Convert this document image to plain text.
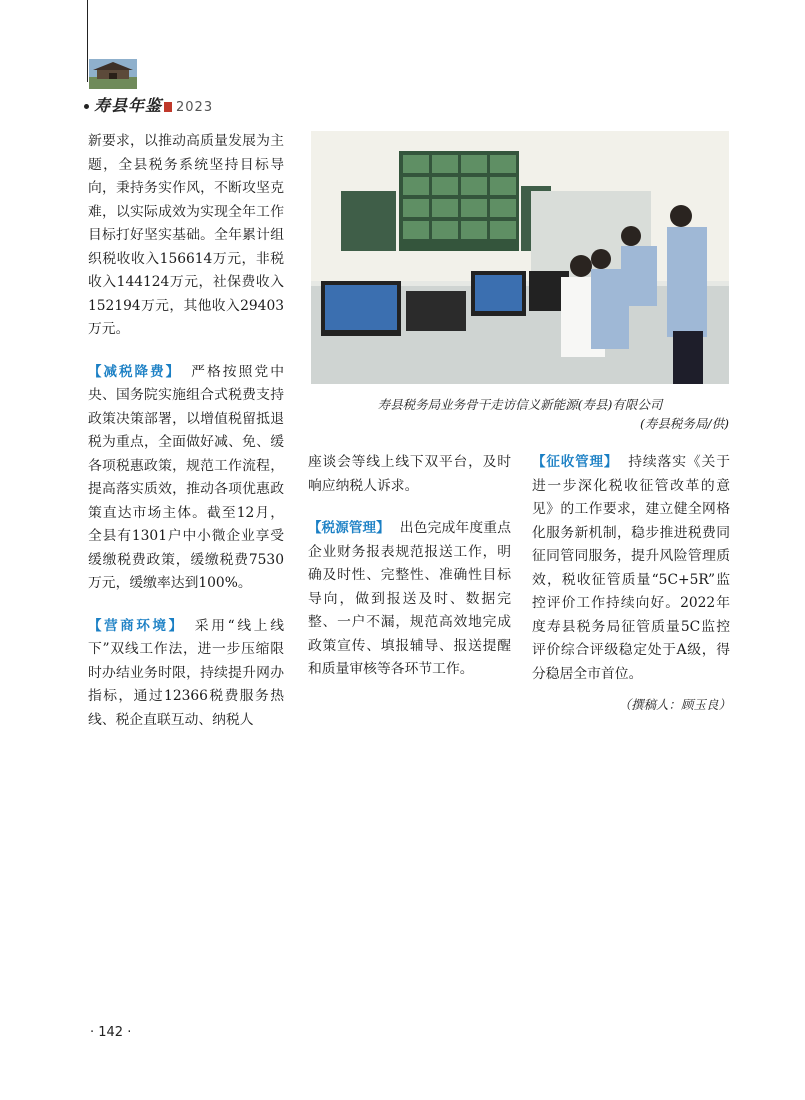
寿县年鉴 2023

新要求，以推动高质量发展为主题，全县税务系统坚持目标导向，秉持务实作风，不断攻坚克难，以实际成效为实现全年工作目标打好坚实基础。全年累计组织税收收入156614万元，非税收入144124万元，社保费收入152194万元，其他收入29403万元。

【减税降费】 严格按照党中央、国务院实施组合式税费支持政策决策部署，以增值税留抵退税为重点，全面做好减、免、缓各项税惠政策，规范工作流程，提高落实质效，推动各项优惠政策直达市场主体。截至12月，全县有1301户中小微企业享受缓缴税费政策，缓缴税费7530万元，缓缴率达到100%。

【营商环境】 采用“线上线下”双线工作法，进一步压缩限时办结业务时限，持续提升网办指标，通过12366税费服务热线、税企直联互动、纳税人

寿县税务局业务骨干走访信义新能源(寿县)有限公司
(寿县税务局/供)

座谈会等线上线下双平台，及时响应纳税人诉求。

【税源管理】 出色完成年度重点企业财务报表规范报送工作，明确及时性、完整性、准确性目标导向，做到报送及时、数据完整、一户不漏，规范高效地完成政策宣传、填报辅导、报送提醒和质量审核等各环节工作。

【征收管理】 持续落实《关于进一步深化税收征管改革的意见》的工作要求，建立健全网格化服务新机制，稳步推进税费同征同管同服务，提升风险管理质效，税收征管质量“5C+5R”监控评价工作持续向好。2022年度寿县税务局征管质量5C监控评价综合评级稳定处于A级，得分稳居全市首位。

（撰稿人：顾玉良）
· 142 ·
